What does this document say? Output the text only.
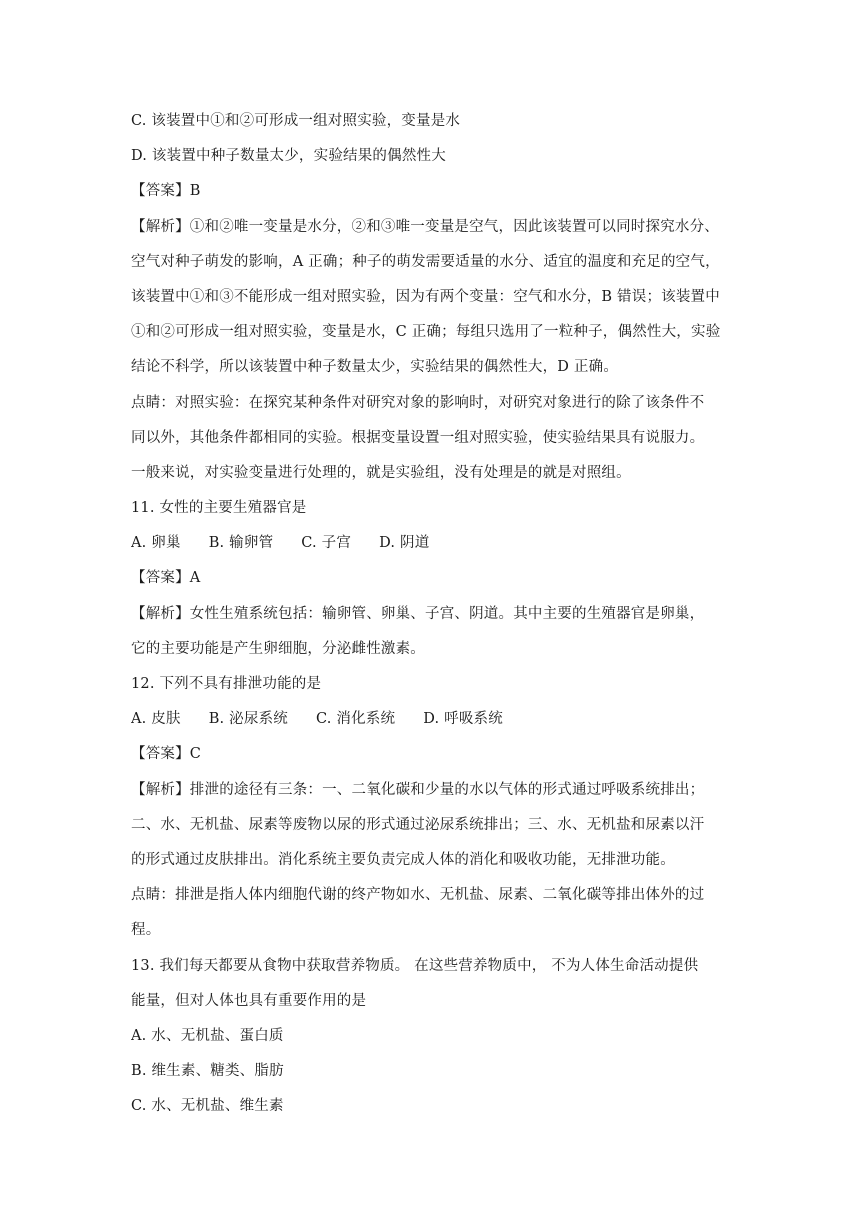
C. 该装置中①和②可形成一组对照实验，变量是水
D. 该装置中种子数量太少，实验结果的偶然性大
【答案】B
【解析】①和②唯一变量是水分，②和③唯一变量是空气，因此该装置可以同时探究水分、
空气对种子萌发的影响，A 正确；种子的萌发需要适量的水分、适宜的温度和充足的空气，
该装置中①和③不能形成一组对照实验，因为有两个变量：空气和水分，B 错误；该装置中
①和②可形成一组对照实验，变量是水，C 正确；每组只选用了一粒种子，偶然性大，实验
结论不科学，所以该装置中种子数量太少，实验结果的偶然性大，D 正确。
点睛：对照实验：在探究某种条件对研究对象的影响时，对研究对象进行的除了该条件不
同以外，其他条件都相同的实验。根据变量设置一组对照实验，使实验结果具有说服力。
一般来说，对实验变量进行处理的，就是实验组，没有处理是的就是对照组。
11. 女性的主要生殖器官是
A. 卵巢 B. 输卵管 C. 子宫 D. 阴道
【答案】A
【解析】女性生殖系统包括：输卵管、卵巢、子宫、阴道。其中主要的生殖器官是卵巢，
它的主要功能是产生卵细胞，分泌雌性激素。
12. 下列不具有排泄功能的是
A. 皮肤 B. 泌尿系统 C. 消化系统 D. 呼吸系统
【答案】C
【解析】排泄的途径有三条：一、二氧化碳和少量的水以气体的形式通过呼吸系统排出；
二、水、无机盐、尿素等废物以尿的形式通过泌尿系统排出；三、水、无机盐和尿素以汗
的形式通过皮肤排出。消化系统主要负责完成人体的消化和吸收功能，无排泄功能。
点睛：排泄是指人体内细胞代谢的终产物如水、无机盐、尿素、二氧化碳等排出体外的过
程。
13. 我们每天都要从食物中获取营养物质。 在这些营养物质中， 不为人体生命活动提供
能量，但对人体也具有重要作用的是
A. 水、无机盐、蛋白质
B. 维生素、糖类、脂肪
C. 水、无机盐、维生素
